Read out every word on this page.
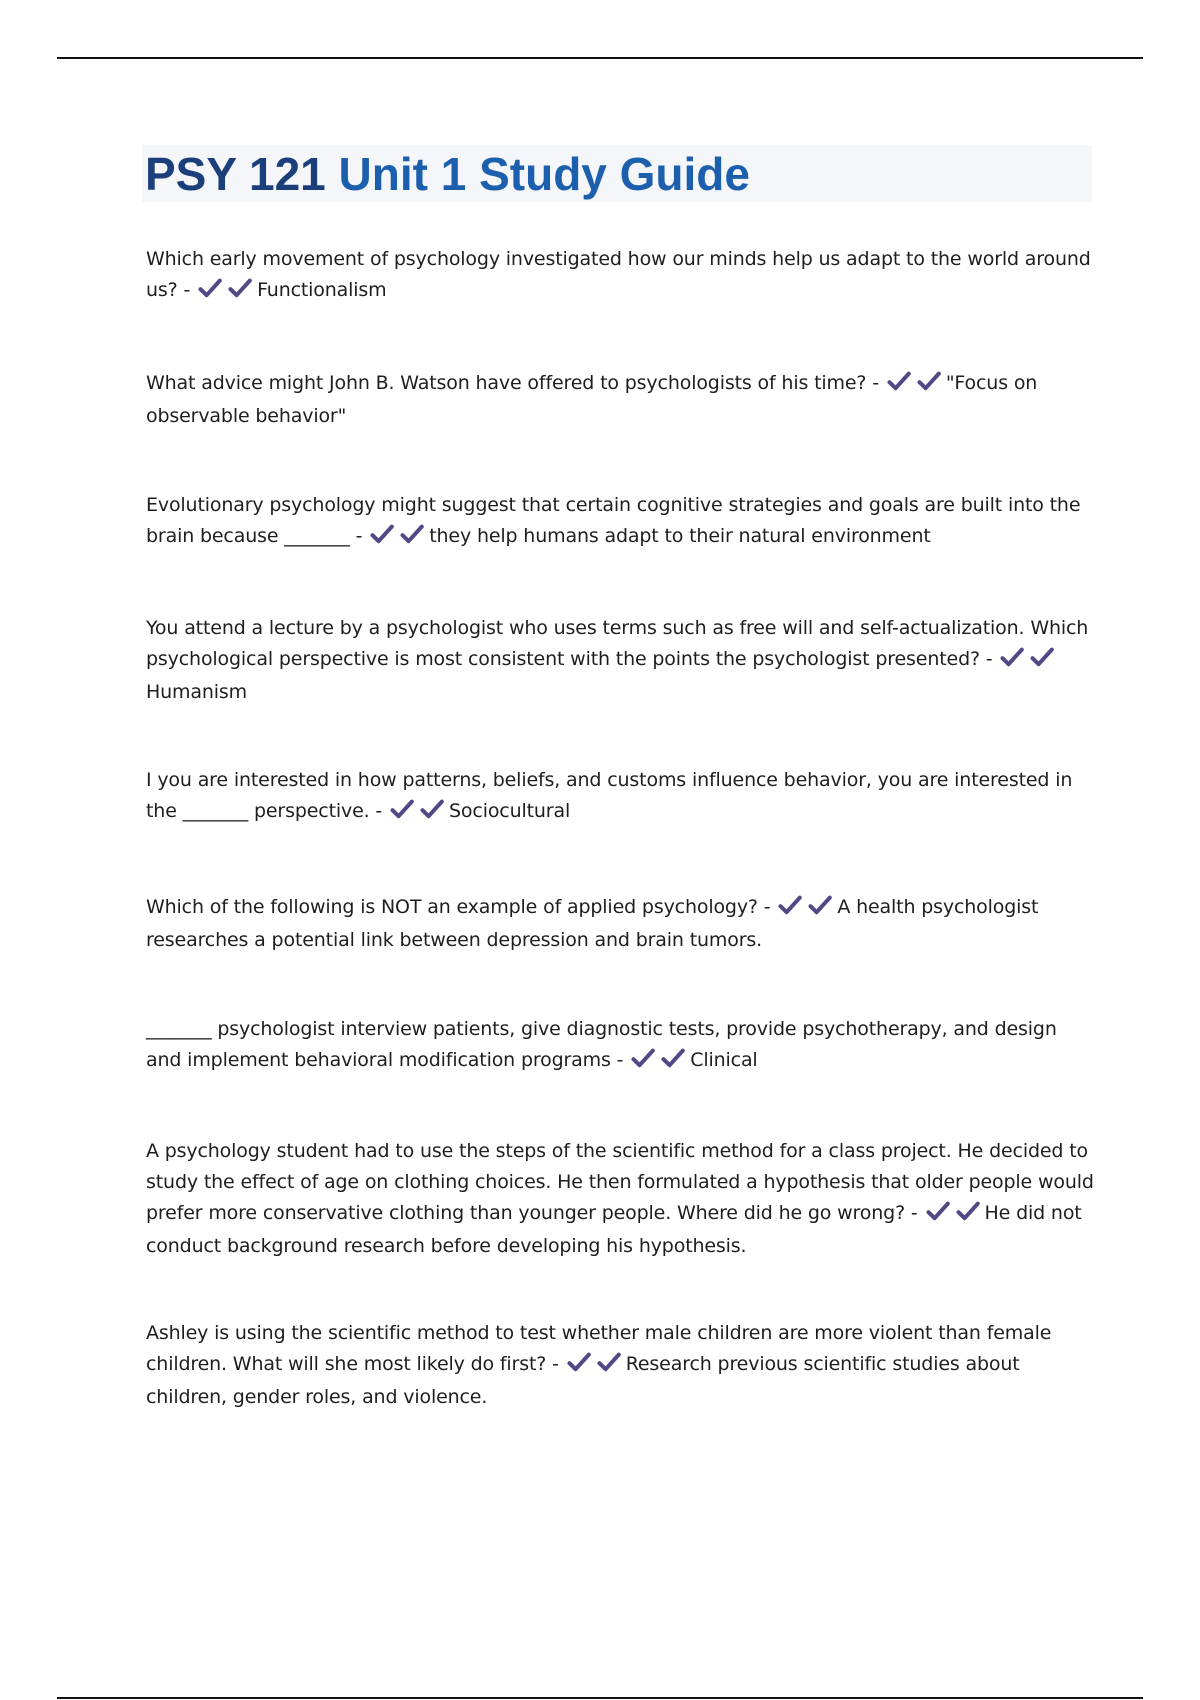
PSY 121 Unit 1 Study Guide

Which early movement of psychology investigated how our minds help us adapt to the world around us? -	Functionalism

What advice might John B. Watson have offered to psychologists of his time? -	"Focus on observable behavior"

Evolutionary psychology might suggest that certain cognitive strategies and goals are built into the brain because _______ -	they help humans adapt to their natural environment

You attend a lecture by a psychologist who uses terms such as free will and self-actualization. Which psychological perspective is most consistent with the points the psychologist presented? -
Humanism

I you are interested in how patterns, beliefs, and customs influence behavior, you are interested in the _______ perspective. -	Sociocultural

Which of the following is NOT an example of applied psychology? -	A health psychologist researches a potential link between depression and brain tumors.

_______ psychologist interview patients, give diagnostic tests, provide psychotherapy, and design and implement behavioral modification programs -	Clinical

A psychology student had to use the steps of the scientific method for a class project. He decided to study the effect of age on clothing choices. He then formulated a hypothesis that older people would prefer more conservative clothing than younger people. Where did he go wrong? -	He did not conduct background research before developing his hypothesis.

Ashley is using the scientific method to test whether male children are more violent than female children. What will she most likely do first? -	Research previous scientific studies about children, gender roles, and violence.
